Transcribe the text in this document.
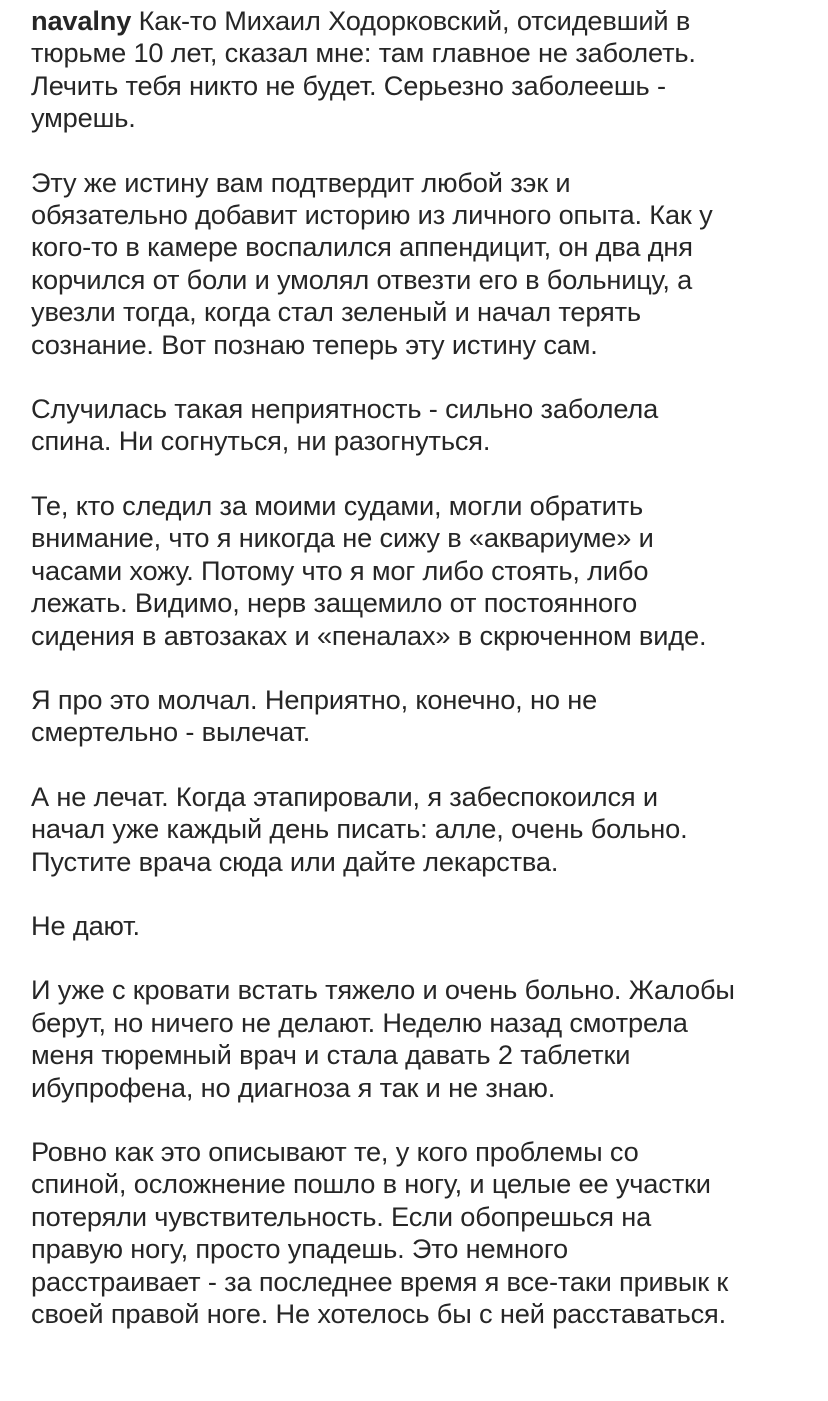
navalny Как-то Михаил Ходорковский, отсидевший в
тюрьме 10 лет, сказал мне: там главное не заболеть.
Лечить тебя никто не будет. Серьезно заболеешь -
умрешь.

Эту же истину вам подтвердит любой зэк и
обязательно добавит историю из личного опыта. Как у
кого-то в камере воспалился аппендицит, он два дня
корчился от боли и умолял отвезти его в больницу, а
увезли тогда, когда стал зеленый и начал терять
сознание. Вот познаю теперь эту истину сам.

Случилась такая неприятность - сильно заболела
спина. Ни согнуться, ни разогнуться.

Те, кто следил за моими судами, могли обратить
внимание, что я никогда не сижу в «аквариуме» и
часами хожу. Потому что я мог либо стоять, либо
лежать. Видимо, нерв защемило от постоянного
сидения в автозаках и «пеналах» в скрюченном виде.

Я про это молчал. Неприятно, конечно, но не
смертельно - вылечат.

А не лечат. Когда этапировали, я забеспокоился и
начал уже каждый день писать: алле, очень больно.
Пустите врача сюда или дайте лекарства.

Не дают.

И уже с кровати встать тяжело и очень больно. Жалобы
берут, но ничего не делают. Неделю назад смотрела
меня тюремный врач и стала давать 2 таблетки
ибупрофена, но диагноза я так и не знаю.

Ровно как это описывают те, у кого проблемы со
спиной, осложнение пошло в ногу, и целые ее участки
потеряли чувствительность. Если обопрешься на
правую ногу, просто упадешь. Это немного
расстраивает - за последнее время я все-таки привык к
своей правой ноге. Не хотелось бы с ней расставаться.
